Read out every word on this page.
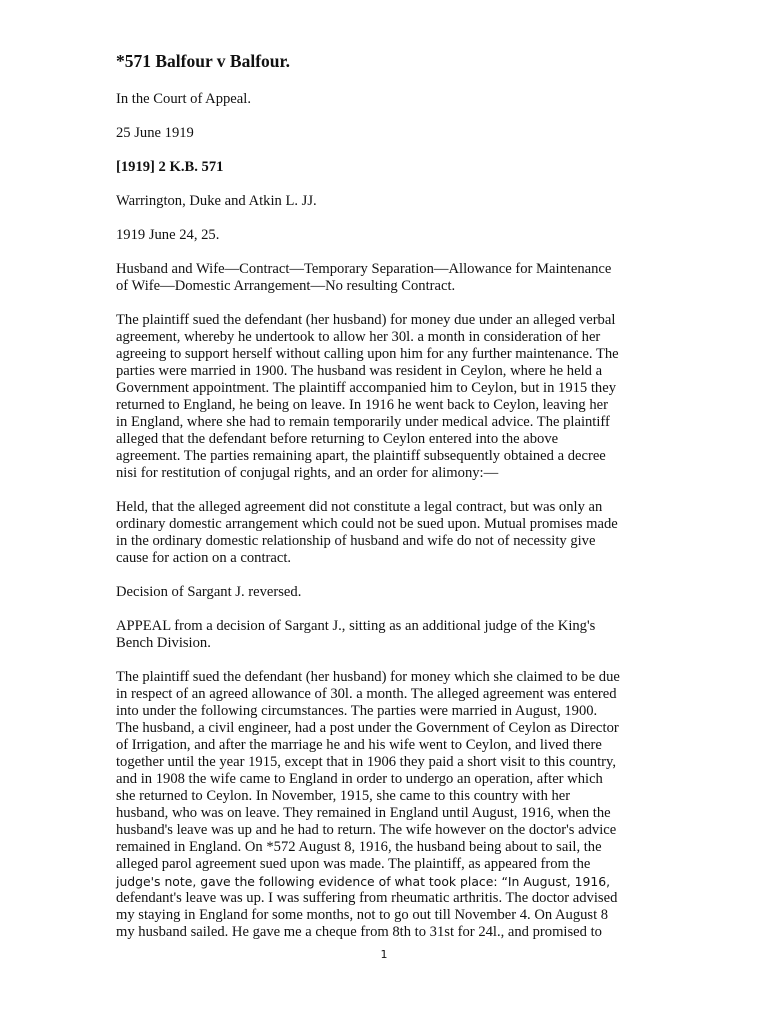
*571 Balfour v Balfour.

In the Court of Appeal.

25 June 1919

[1919] 2 K.B. 571

Warrington, Duke and Atkin L. JJ.

1919 June 24, 25.

Husband and Wife—Contract—Temporary Separation—Allowance for Maintenance
of Wife—Domestic Arrangement—No resulting Contract.

The plaintiff sued the defendant (her husband) for money due under an alleged verbal
agreement, whereby he undertook to allow her 30l. a month in consideration of her
agreeing to support herself without calling upon him for any further maintenance. The
parties were married in 1900. The husband was resident in Ceylon, where he held a
Government appointment. The plaintiff accompanied him to Ceylon, but in 1915 they
returned to England, he being on leave. In 1916 he went back to Ceylon, leaving her
in England, where she had to remain temporarily under medical advice. The plaintiff
alleged that the defendant before returning to Ceylon entered into the above
agreement. The parties remaining apart, the plaintiff subsequently obtained a decree
nisi for restitution of conjugal rights, and an order for alimony:—

Held, that the alleged agreement did not constitute a legal contract, but was only an
ordinary domestic arrangement which could not be sued upon. Mutual promises made
in the ordinary domestic relationship of husband and wife do not of necessity give
cause for action on a contract.

Decision of Sargant J. reversed.

APPEAL from a decision of Sargant J., sitting as an additional judge of the King's
Bench Division.

The plaintiff sued the defendant (her husband) for money which she claimed to be due
in respect of an agreed allowance of 30l. a month. The alleged agreement was entered
into under the following circumstances. The parties were married in August, 1900.
The husband, a civil engineer, had a post under the Government of Ceylon as Director
of Irrigation, and after the marriage he and his wife went to Ceylon, and lived there
together until the year 1915, except that in 1906 they paid a short visit to this country,
and in 1908 the wife came to England in order to undergo an operation, after which
she returned to Ceylon. In November, 1915, she came to this country with her
husband, who was on leave. They remained in England until August, 1916, when the
husband's leave was up and he had to return. The wife however on the doctor's advice
remained in England. On *572 August 8, 1916, the husband being about to sail, the
alleged parol agreement sued upon was made. The plaintiff, as appeared from the
judge's note, gave the following evidence of what took place: “In August, 1916,
defendant's leave was up. I was suffering from rheumatic arthritis. The doctor advised
my staying in England for some months, not to go out till November 4. On August 8
my husband sailed. He gave me a cheque from 8th to 31st for 24l., and promised to

1
